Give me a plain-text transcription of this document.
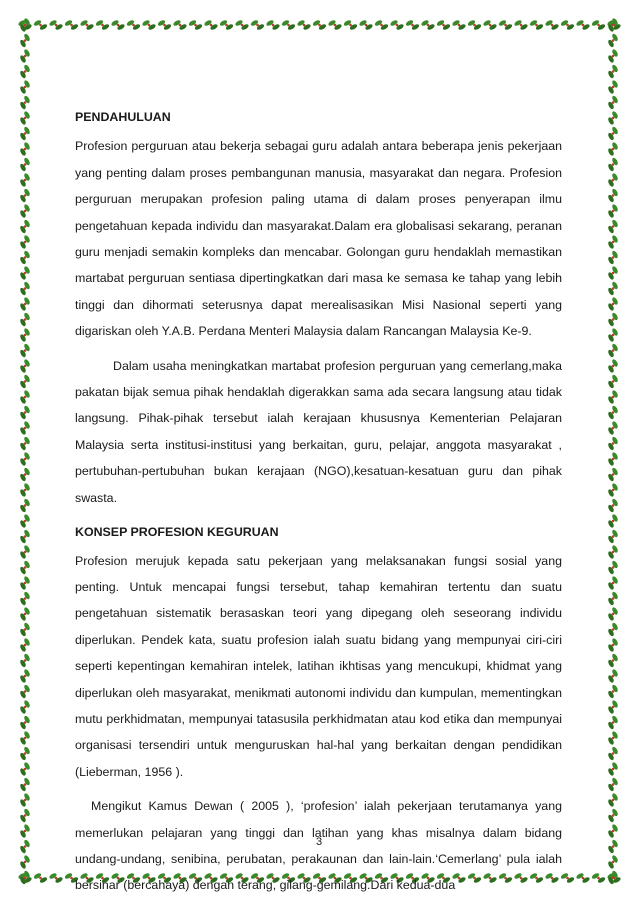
PENDAHULUAN

Profesion perguruan atau bekerja sebagai guru adalah antara beberapa jenis pekerjaan yang penting dalam proses pembangunan manusia, masyarakat dan negara. Profesion perguruan merupakan profesion paling utama di dalam proses penyerapan ilmu pengetahuan kepada individu dan masyarakat.Dalam era globalisasi sekarang, peranan guru menjadi semakin kompleks dan mencabar. Golongan guru hendaklah memastikan martabat perguruan sentiasa dipertingkatkan dari masa ke semasa ke tahap yang lebih tinggi dan dihormati seterusnya dapat merealisasikan Misi Nasional seperti yang digariskan oleh Y.A.B. Perdana Menteri Malaysia dalam Rancangan Malaysia Ke-9.

Dalam usaha meningkatkan martabat profesion perguruan yang cemerlang,maka pakatan bijak semua pihak hendaklah digerakkan sama ada secara langsung atau tidak langsung. Pihak-pihak tersebut ialah kerajaan khususnya Kementerian Pelajaran Malaysia serta institusi-institusi yang berkaitan, guru, pelajar, anggota masyarakat , pertubuhan-pertubuhan bukan kerajaan (NGO),kesatuan-kesatuan guru dan pihak swasta.

KONSEP PROFESION KEGURUAN

Profesion merujuk kepada satu pekerjaan yang melaksanakan fungsi sosial yang penting. Untuk mencapai fungsi tersebut, tahap kemahiran tertentu dan suatu pengetahuan sistematik berasaskan teori yang dipegang oleh seseorang individu diperlukan. Pendek kata, suatu profesion ialah suatu bidang yang mempunyai ciri-ciri seperti kepentingan kemahiran intelek, latihan ikhtisas yang mencukupi, khidmat yang diperlukan oleh masyarakat, menikmati autonomi individu dan kumpulan, mementingkan mutu perkhidmatan, mempunyai tatasusila perkhidmatan atau kod etika dan mempunyai organisasi tersendiri untuk menguruskan hal-hal yang berkaitan dengan pendidikan (Lieberman, 1956 ).

Mengikut Kamus Dewan ( 2005 ), ‘profesion’ ialah pekerjaan terutamanya yang memerlukan pelajaran yang tinggi dan latihan yang khas misalnya dalam bidang undang-undang, senibina, perubatan, perakaunan dan lain-lain.‘Cemerlang’ pula ialah bersinar (bercahaya) dengan terang, gilang-gemilang.Dari kedua-dua

3
